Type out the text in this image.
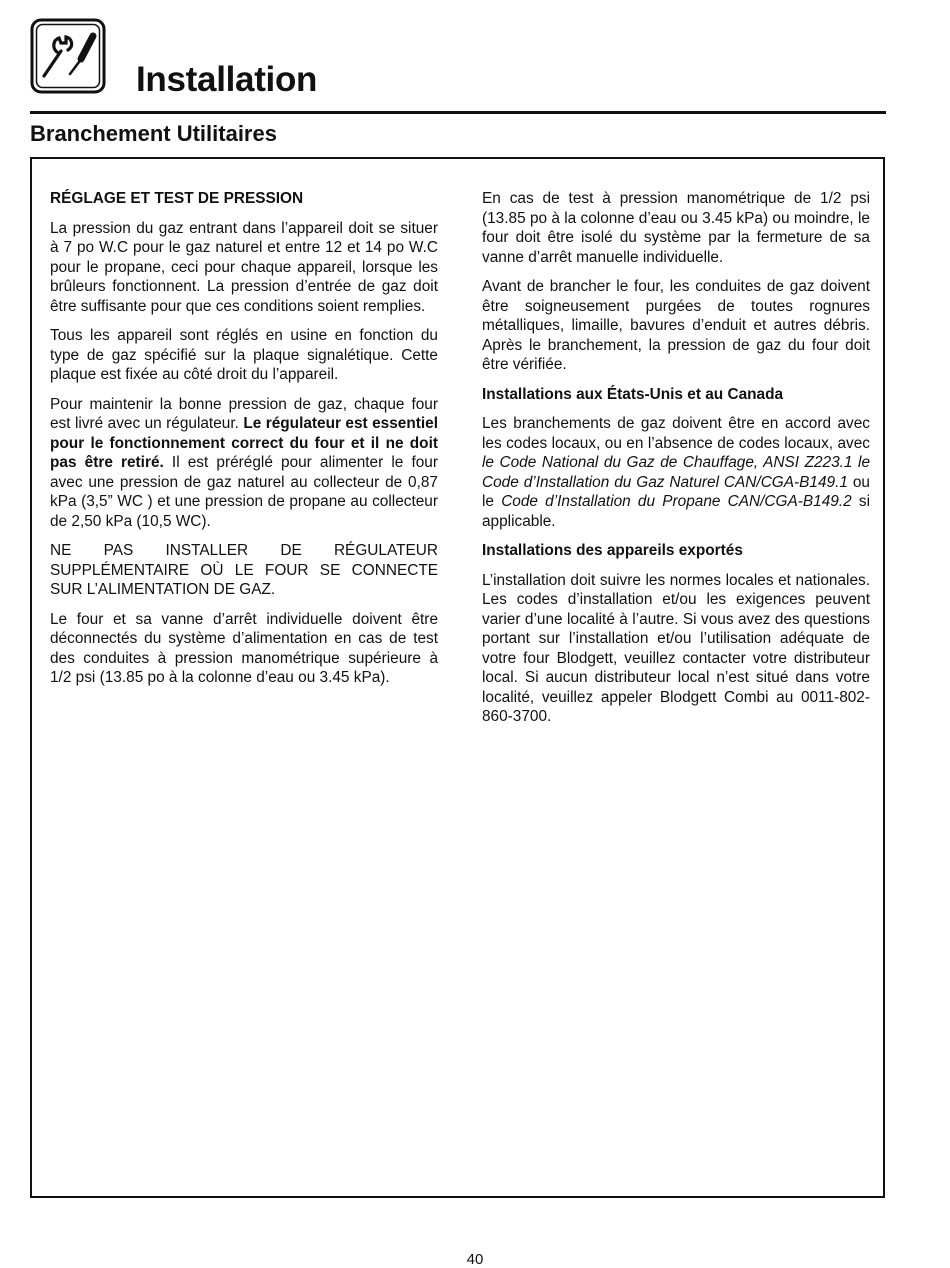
Installation
Branchement Utilitaires
RÉGLAGE ET TEST DE PRESSION

La pression du gaz entrant dans l’appareil doit se situer à 7 po W.C pour le gaz naturel et entre 12 et 14 po W.C pour le propane, ceci pour chaque appareil, lorsque les brûleurs fonctionnent. La pression d’entrée de gaz doit être suffisante pour que ces conditions soient remplies.

Tous les appareil sont réglés en usine en fonction du type de gaz spécifié sur la plaque signalétique. Cette plaque est fixée au côté droit du l’appareil.

Pour maintenir la bonne pression de gaz, chaque four est livré avec un régulateur. Le régulateur est essentiel pour le fonctionnement correct du four et il ne doit pas être retiré. Il est préréglé pour alimenter le four avec une pression de gaz naturel au collecteur de 0,87 kPa (3,5” WC ) et une pression de propane au collecteur de 2,50 kPa (10,5 WC).

NE PAS INSTALLER DE RÉGULATEUR SUPPLÉMENTAIRE OÙ LE FOUR SE CONNECTE SUR L’ALIMENTATION DE GAZ.

Le four et sa vanne d’arrêt individuelle doivent être déconnectés du système d’alimentation en cas de test des conduites à pression manométrique supérieure à 1/2 psi (13.85 po à la colonne d’eau ou 3.45 kPa).

En cas de test à pression manométrique de 1/2 psi (13.85 po à la colonne d’eau ou 3.45 kPa) ou moindre, le four doit être isolé du système par la fermeture de sa vanne d’arrêt manuelle individuelle.

Avant de brancher le four, les conduites de gaz doivent être soigneusement purgées de toutes rognures métalliques, limaille, bavures d’enduit et autres débris. Après le branchement, la pression de gaz du four doit être vérifiée.

Installations aux États-Unis et au Canada

Les branchements de gaz doivent être en accord avec les codes locaux, ou en l’absence de codes locaux, avec le Code National du Gaz de Chauffage, ANSI Z223.1 le Code d’Installation du Gaz Naturel CAN/CGA-B149.1 ou le Code d’Installation du Propane CAN/CGA-B149.2 si applicable.

Installations des appareils exportés

L’installation doit suivre les normes locales et nationales. Les codes d’installation et/ou les exigences peuvent varier d’une localité à l’autre. Si vous avez des questions portant sur l’installation et/ou l’utilisation adéquate de votre four Blodgett, veuillez contacter votre distributeur local. Si aucun distributeur local n’est situé dans votre localité, veuillez appeler Blodgett Combi au 0011-802-860-3700.

40
